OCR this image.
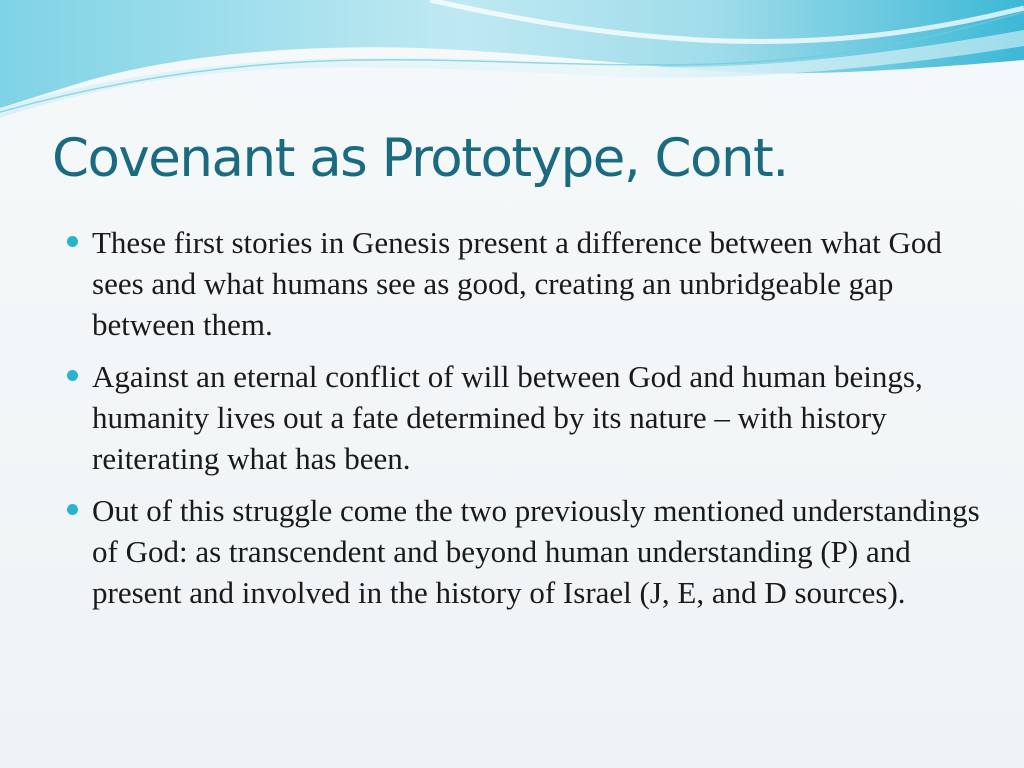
Covenant as Prototype, Cont.
These first stories in Genesis present a difference between what God sees and what humans see as good, creating an unbridgeable gap between them.
Against an eternal conflict of will between God and human beings, humanity lives out a fate determined by its nature – with history reiterating what has been.
Out of this struggle come the two previously mentioned understandings of God: as transcendent and beyond human understanding (P) and present and involved in the history of Israel (J, E, and D sources).
